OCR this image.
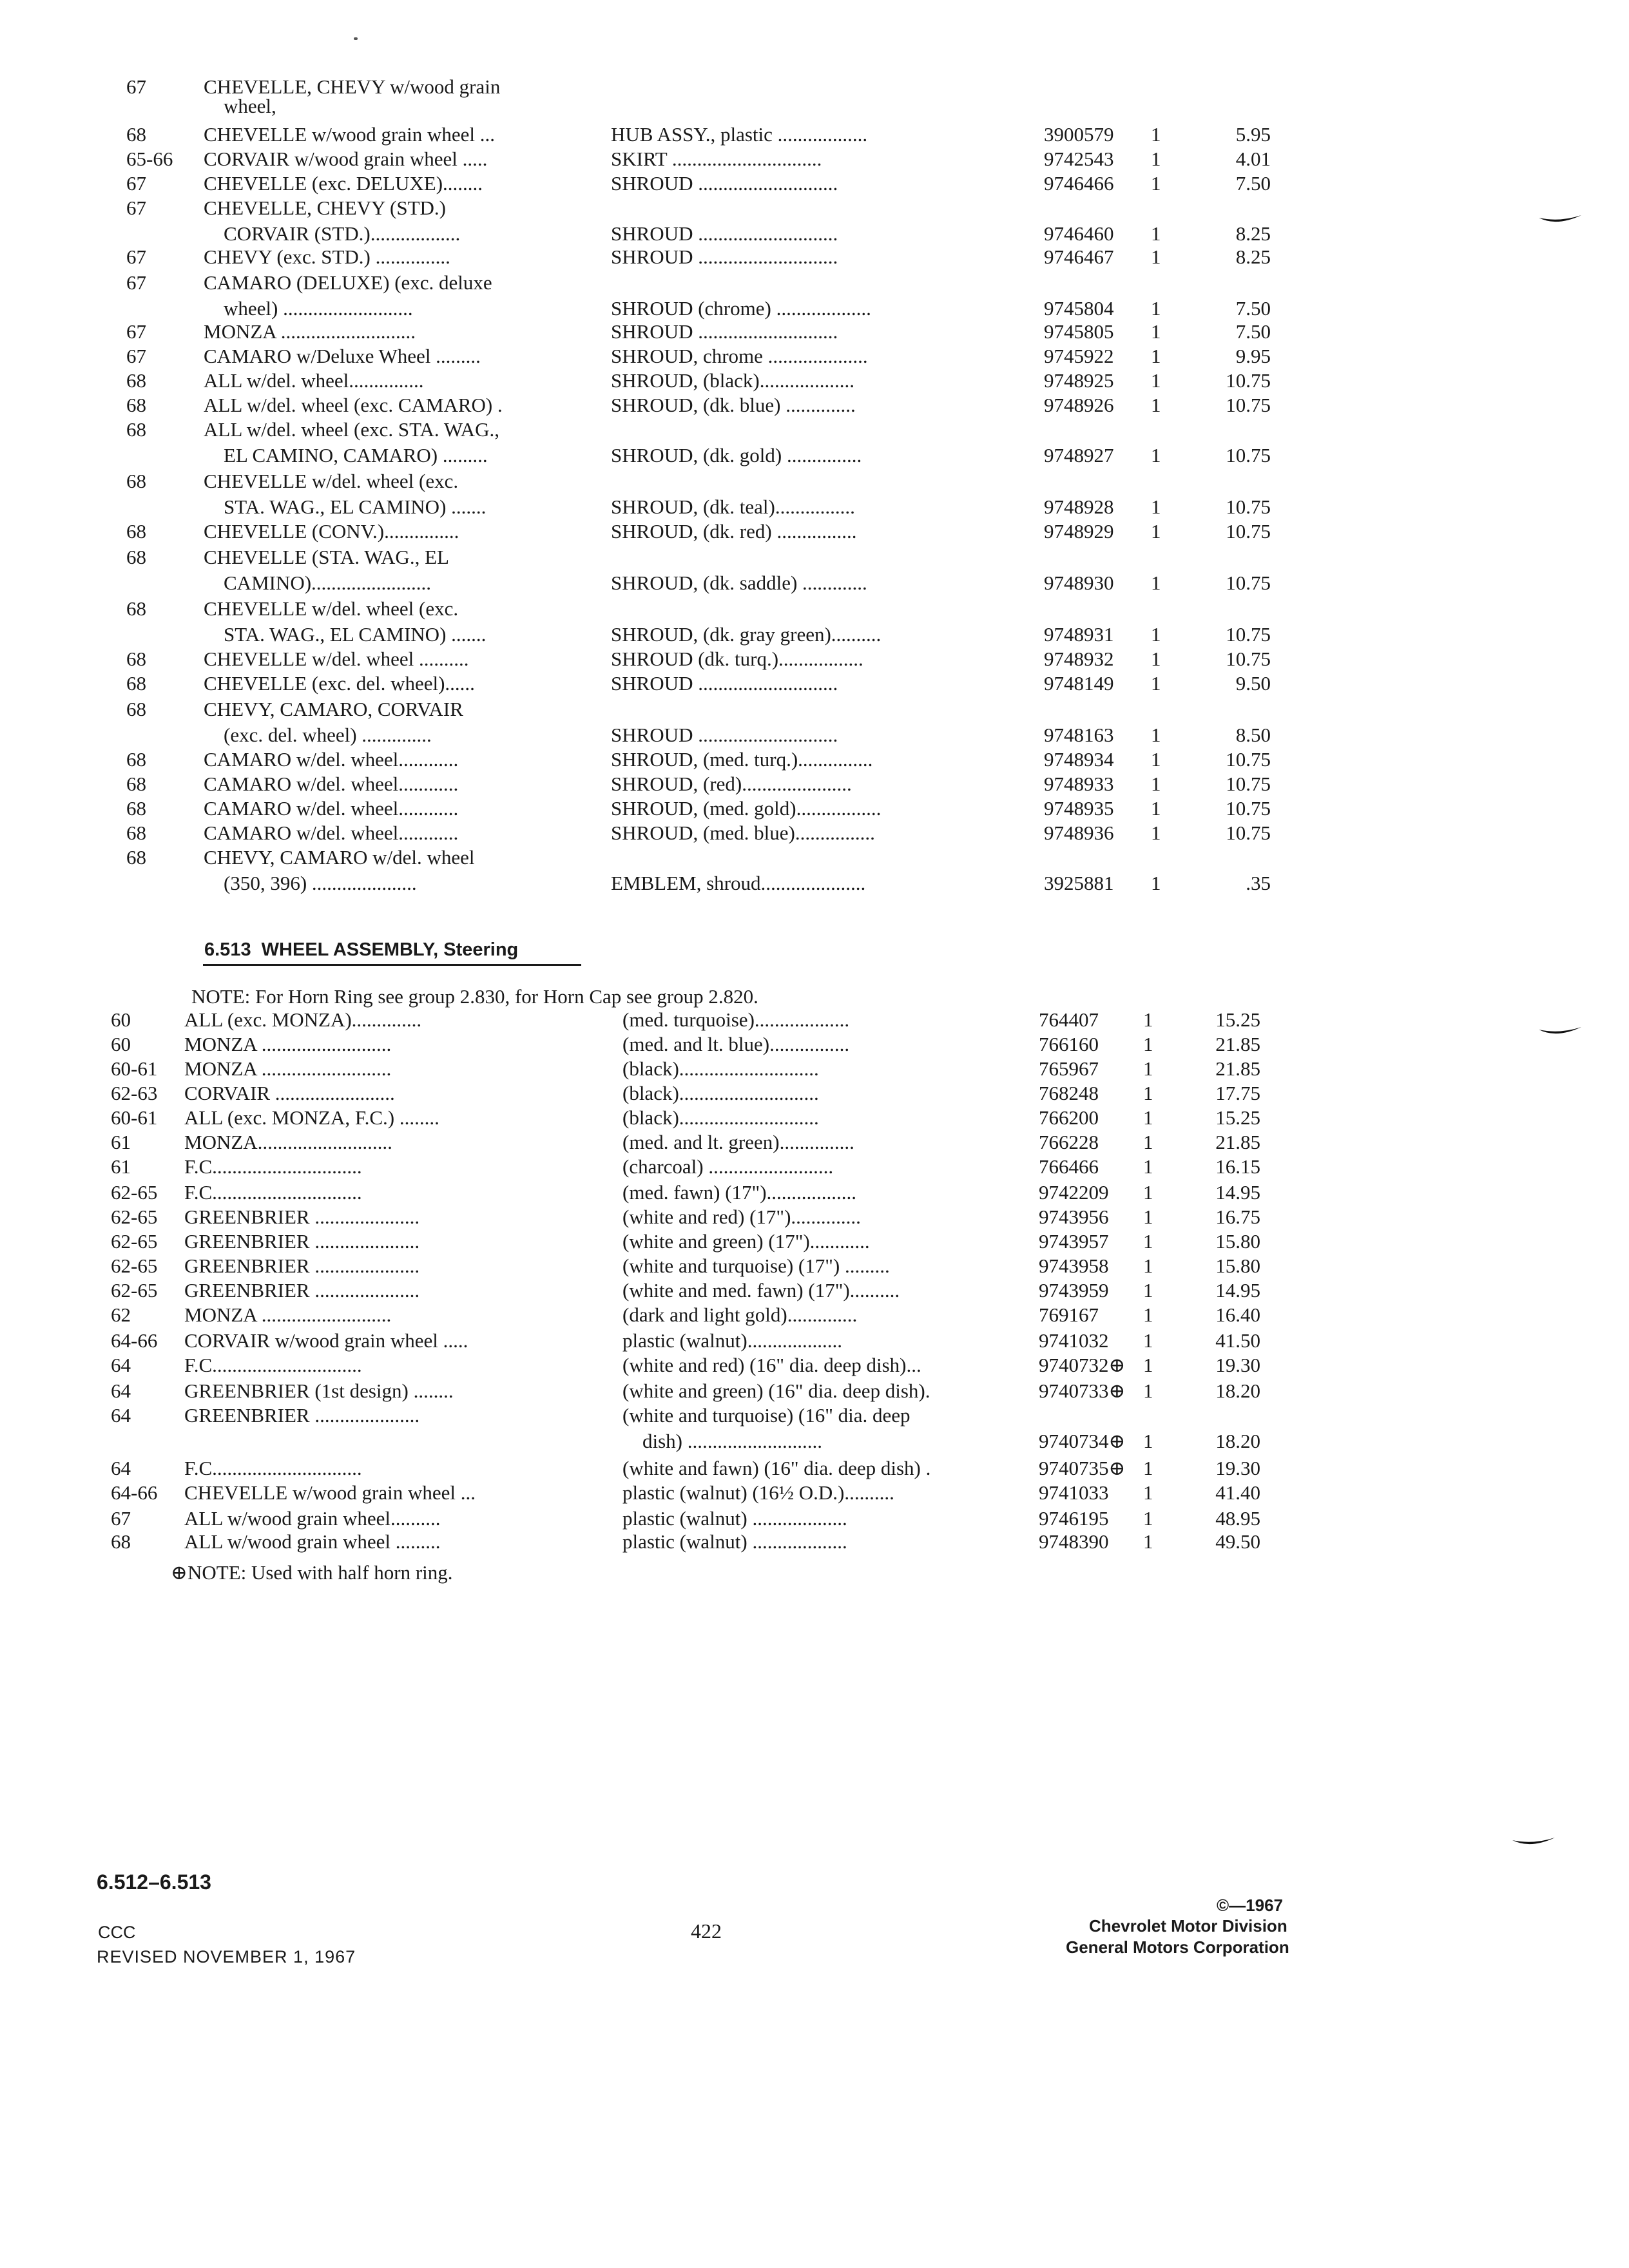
67	CHEVELLE, CHEVY w/wood grain
wheel,
68	CHEVELLE w/wood grain wheel ...	HUB ASSY., plastic ..................	3900579 1	5.95
65-66 CORVAIR w/wood grain wheel .....	SKIRT ..............................	9742543 1	4.01
67	CHEVELLE (exc. DELUXE)........	SHROUD ............................	9746466 1	7.50
67	CHEVELLE, CHEVY (STD.)
CORVAIR (STD.)..................	SHROUD ............................	9746460 1	8.25
67	CHEVY (exc. STD.) ...............	SHROUD ............................	9746467 1	8.25
67	CAMARO (DELUXE) (exc. deluxe
wheel) ..........................	SHROUD (chrome) ...................	9745804 1	7.50
67	MONZA ...........................	SHROUD ............................	9745805 1	7.50
67	CAMARO w/Deluxe Wheel .........	SHROUD, chrome ....................	9745922 1	9.95
68	ALL w/del. wheel...............	SHROUD, (black)...................	9748925 1	10.75
68	ALL w/del. wheel (exc. CAMARO) .	SHROUD, (dk. blue) ..............	9748926 1	10.75
68	ALL w/del. wheel (exc. STA. WAG.,
EL CAMINO, CAMARO) .........	SHROUD, (dk. gold) ...............	9748927 1	10.75
68	CHEVELLE w/del. wheel (exc.
STA. WAG., EL CAMINO) .......	SHROUD, (dk. teal)................	9748928 1	10.75
68	CHEVELLE (CONV.)...............	SHROUD, (dk. red) ................	9748929 1	10.75
68	CHEVELLE (STA. WAG., EL
CAMINO)........................	SHROUD, (dk. saddle) .............	9748930 1	10.75
68	CHEVELLE w/del. wheel (exc.
STA. WAG., EL CAMINO) .......	SHROUD, (dk. gray green)..........	9748931 1	10.75
68	CHEVELLE w/del. wheel ..........	SHROUD (dk. turq.).................	9748932 1	10.75
68	CHEVELLE (exc. del. wheel)......	SHROUD ............................	9748149 1	9.50
68	CHEVY, CAMARO, CORVAIR
(exc. del. wheel) ..............	SHROUD ............................	9748163 1	8.50
68	CAMARO w/del. wheel............	SHROUD, (med. turq.)...............	9748934 1	10.75
68	CAMARO w/del. wheel............	SHROUD, (red)......................	9748933 1	10.75
68	CAMARO w/del. wheel............	SHROUD, (med. gold).................	9748935 1	10.75
68	CAMARO w/del. wheel............	SHROUD, (med. blue)................	9748936 1	10.75
68	CHEVY, CAMARO w/del. wheel
(350, 396) .....................	EMBLEM, shroud.....................	3925881 1	.35
6.513  WHEEL ASSEMBLY, Steering
NOTE: For Horn Ring see group 2.830, for Horn Cap see group 2.820.
60	ALL (exc. MONZA)..............	(med. turquoise)...................	764407 1	15.25
60	MONZA ..........................	(med. and lt. blue)................	766160 1	21.85
60-61 MONZA ..........................	(black)............................	765967 1	21.85
62-63 CORVAIR ........................	(black)............................	768248 1	17.75
60-61 ALL (exc. MONZA, F.C.) ........	(black)............................	766200 1	15.25
61	MONZA...........................	(med. and lt. green)...............	766228 1	21.85
61	F.C..............................	(charcoal) .........................	766466 1	16.15
62-65 F.C..............................	(med. fawn) (17")..................	9742209 1	14.95
62-65 GREENBRIER .....................	(white and red) (17")..............	9743956 1	16.75
62-65 GREENBRIER .....................	(white and green) (17")............	9743957 1	15.80
62-65 GREENBRIER .....................	(white and turquoise) (17") .........	9743958 1	15.80
62-65 GREENBRIER .....................	(white and med. fawn) (17")..........	9743959 1	14.95
62	MONZA ..........................	(dark and light gold)..............	769167 1	16.40
64-66 CORVAIR w/wood grain wheel .....	plastic (walnut)...................	9741032 1	41.50
64	F.C..............................	(white and red) (16" dia. deep dish)...	9740732⊕ 1	19.30
64	GREENBRIER (1st design) ........	(white and green) (16" dia. deep dish).	9740733⊕ 1	18.20
64	GREENBRIER .....................	(white and turquoise) (16" dia. deep
dish) ...........................	9740734⊕ 1	18.20
64	F.C..............................	(white and fawn) (16" dia. deep dish) .	9740735⊕ 1	19.30
64-66 CHEVELLE w/wood grain wheel ...	plastic (walnut) (16½ O.D.)..........	9741033 1	41.40
67	ALL w/wood grain wheel..........	plastic (walnut) ...................	9746195 1	48.95
68	ALL w/wood grain wheel .........	plastic (walnut) ...................	9748390 1	49.50
⊕NOTE: Used with half horn ring.
6.512–6.513
CCC
REVISED NOVEMBER 1, 1967
422
©—1967
Chevrolet Motor Division
General Motors Corporation
